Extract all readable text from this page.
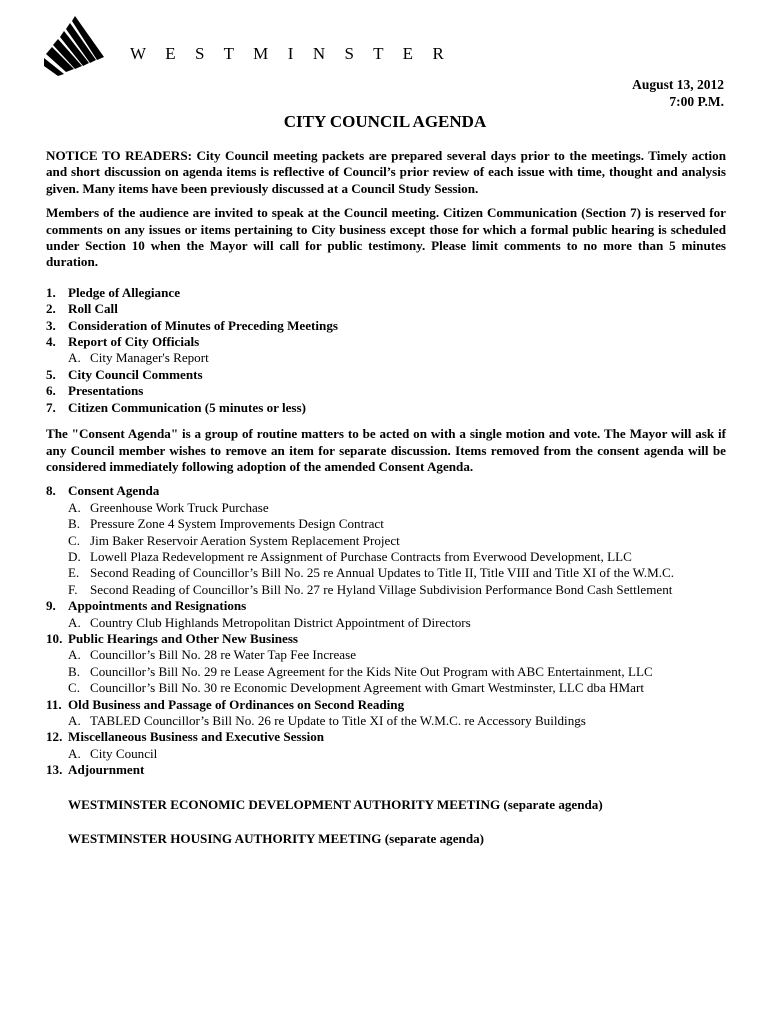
W E S T M I N S T E R
August 13, 2012
7:00 P.M.
CITY COUNCIL AGENDA

NOTICE TO READERS: City Council meeting packets are prepared several days prior to the meetings. Timely action and short discussion on agenda items is reflective of Council’s prior review of each issue with time, thought and analysis given. Many items have been previously discussed at a Council Study Session.

Members of the audience are invited to speak at the Council meeting. Citizen Communication (Section 7) is reserved for comments on any issues or items pertaining to City business except those for which a formal public hearing is scheduled under Section 10 when the Mayor will call for public testimony. Please limit comments to no more than 5 minutes duration.

1. Pledge of Allegiance
2. Roll Call
3. Consideration of Minutes of Preceding Meetings
4. Report of City Officials
A. City Manager's Report
5. City Council Comments
6. Presentations
7. Citizen Communication (5 minutes or less)

The "Consent Agenda" is a group of routine matters to be acted on with a single motion and vote. The Mayor will ask if any Council member wishes to remove an item for separate discussion. Items removed from the consent agenda will be considered immediately following adoption of the amended Consent Agenda.

8. Consent Agenda
A. Greenhouse Work Truck Purchase
B. Pressure Zone 4 System Improvements Design Contract
C. Jim Baker Reservoir Aeration System Replacement Project
D. Lowell Plaza Redevelopment re Assignment of Purchase Contracts from Everwood Development, LLC
E. Second Reading of Councillor’s Bill No. 25 re Annual Updates to Title II, Title VIII and Title XI of the W.M.C.
F. Second Reading of Councillor’s Bill No. 27 re Hyland Village Subdivision Performance Bond Cash Settlement
9. Appointments and Resignations
A. Country Club Highlands Metropolitan District Appointment of Directors
10. Public Hearings and Other New Business
A. Councillor’s Bill No. 28 re Water Tap Fee Increase
B. Councillor’s Bill No. 29 re Lease Agreement for the Kids Nite Out Program with ABC Entertainment, LLC
C. Councillor’s Bill No. 30 re Economic Development Agreement with Gmart Westminster, LLC dba HMart
11. Old Business and Passage of Ordinances on Second Reading
A. TABLED Councillor’s Bill No. 26 re Update to Title XI of the W.M.C. re Accessory Buildings
12. Miscellaneous Business and Executive Session
A. City Council
13. Adjournment
WESTMINSTER ECONOMIC DEVELOPMENT AUTHORITY MEETING (separate agenda)
WESTMINSTER HOUSING AUTHORITY MEETING (separate agenda)
